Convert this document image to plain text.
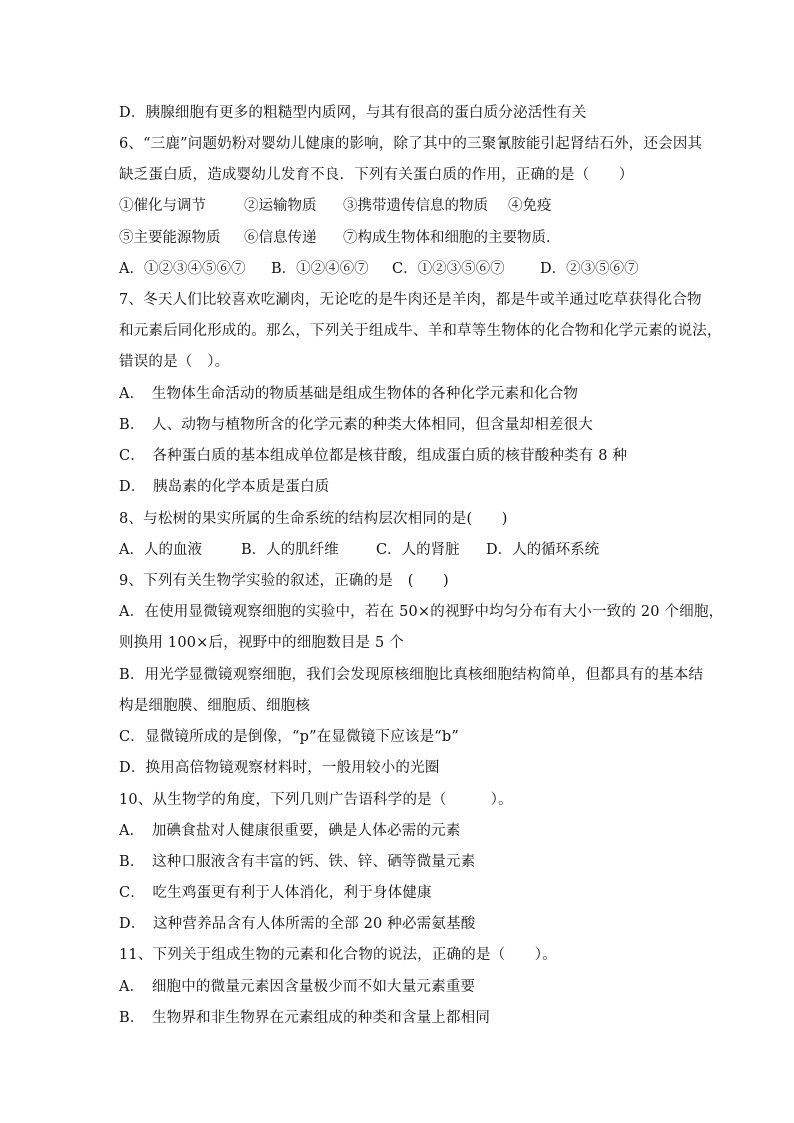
D．胰腺细胞有更多的粗糙型内质网，与其有很高的蛋白质分泌活性有关
6、“三鹿”问题奶粉对婴幼儿健康的影响，除了其中的三聚氰胺能引起肾结石外，还会因其
缺乏蛋白质，造成婴幼儿发育不良．下列有关蛋白质的作用，正确的是（　　）
①催化与调节	②运输物质	③携带遗传信息的物质	④免疫
⑤主要能源物质	⑥信息传递	⑦构成生物体和细胞的主要物质．
A．①②③④⑤⑥⑦	B．①②④⑥⑦	C．①②③⑤⑥⑦	D．②③⑤⑥⑦
7、冬天人们比较喜欢吃涮肉，无论吃的是牛肉还是羊肉，都是牛或羊通过吃草获得化合物
和元素后同化形成的。那么，下列关于组成牛、羊和草等生物体的化合物和化学元素的说法，
错误的是（　）。
A．　生物体生命活动的物质基础是组成生物体的各种化学元素和化合物
B．　人、动物与植物所含的化学元素的种类大体相同，但含量却相差很大
C．　各种蛋白质的基本组成单位都是核苷酸，组成蛋白质的核苷酸种类有 8 种
D．　胰岛素的化学本质是蛋白质
8、与松树的果实所属的生命系统的结构层次相同的是(　　)
A．人的血液	B．人的肌纤维	C．人的肾脏	D．人的循环系统
9、下列有关生物学实验的叙述，正确的是　(　　)
A．在使用显微镜观察细胞的实验中，若在 50×的视野中均匀分布有大小一致的 20 个细胞，
则换用 100×后，视野中的细胞数目是 5 个
B．用光学显微镜观察细胞，我们会发现原核细胞比真核细胞结构简单，但都具有的基本结
构是细胞膜、细胞质、细胞核
C．显微镜所成的是倒像，“p”在显微镜下应该是“b”
D．换用高倍物镜观察材料时，一般用较小的光圈
10、从生物学的角度，下列几则广告语科学的是（　　　）。
A．　加碘食盐对人健康很重要，碘是人体必需的元素
B．　这种口服液含有丰富的钙、铁、锌、硒等微量元素
C．　吃生鸡蛋更有利于人体消化，利于身体健康
D．　这种营养品含有人体所需的全部 20 种必需氨基酸
11、下列关于组成生物的元素和化合物的说法，正确的是（　　）。
A．　细胞中的微量元素因含量极少而不如大量元素重要
B．　生物界和非生物界在元素组成的种类和含量上都相同
